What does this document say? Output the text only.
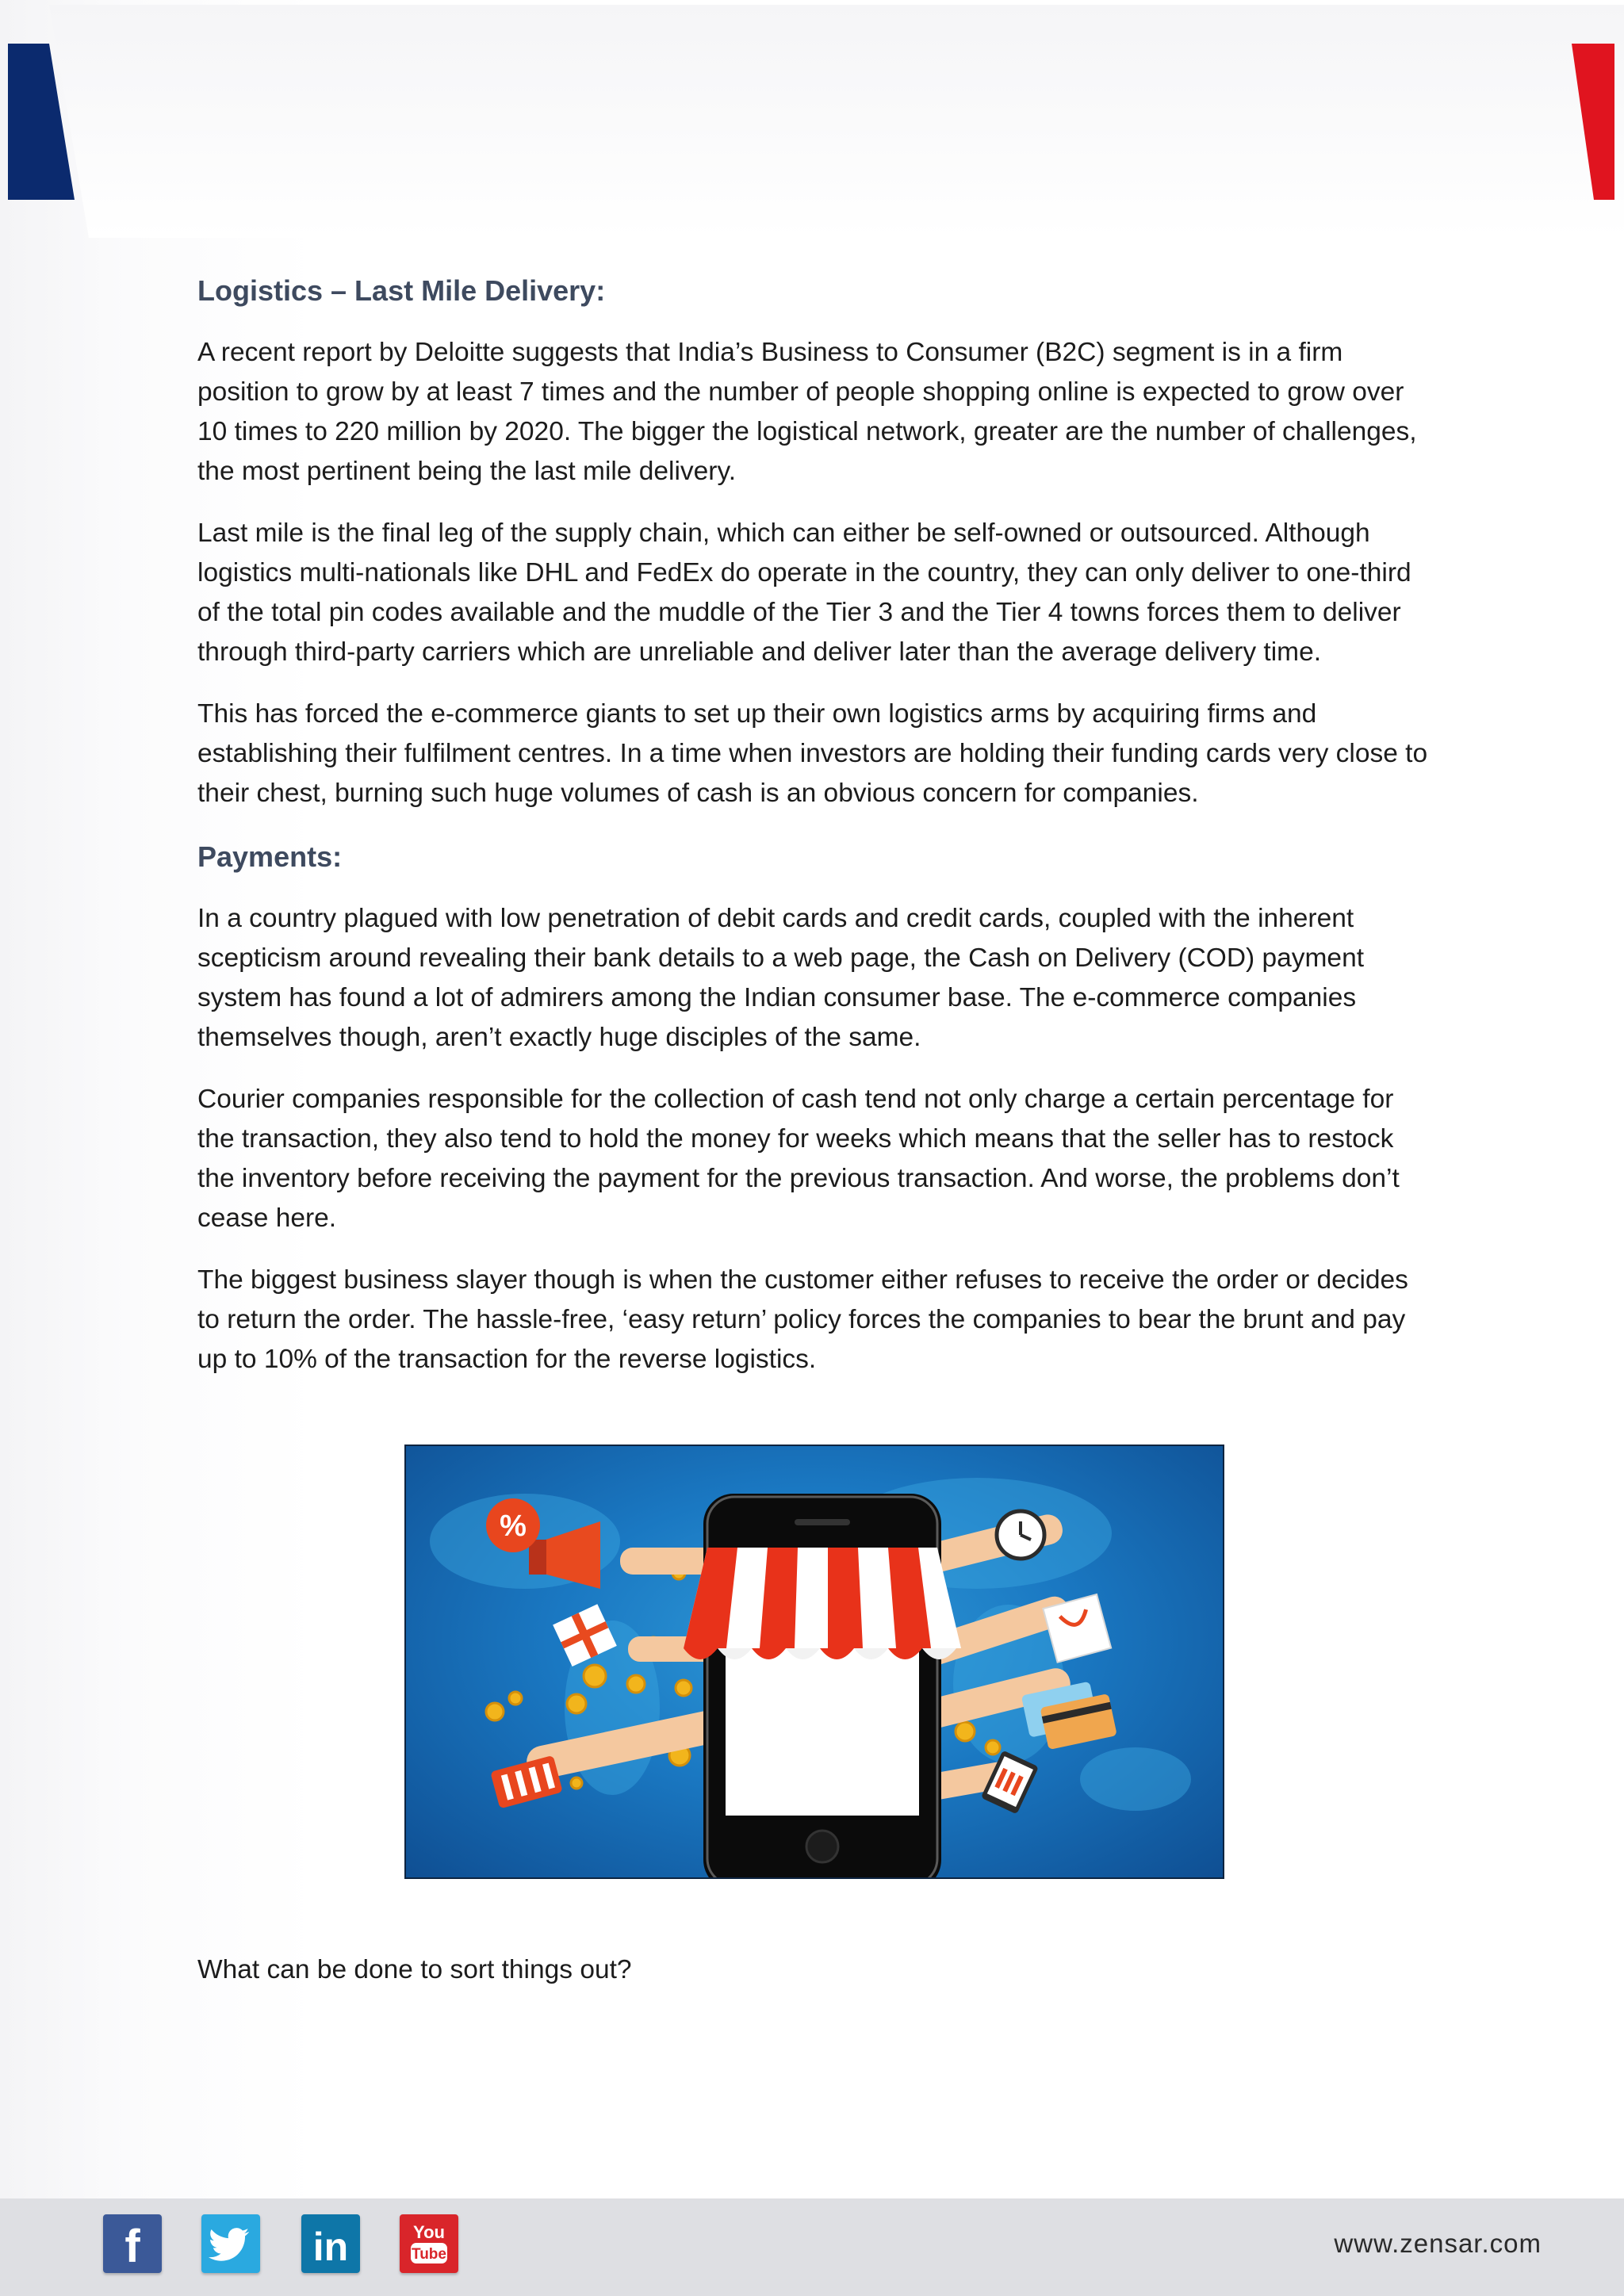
Logistics – Last Mile Delivery:

A recent report by Deloitte suggests that India’s Business to Consumer (B2C) segment is in a firm position to grow by at least 7 times and the number of people shopping online is expected to grow over 10 times to 220 million by 2020. The bigger the logistical network, greater are the number of challenges, the most pertinent being the last mile delivery.

Last mile is the final leg of the supply chain, which can either be self-owned or outsourced. Although logistics multi-nationals like DHL and FedEx do operate in the country, they can only deliver to one-third of the total pin codes available and the muddle of the Tier 3 and the Tier 4 towns forces them to deliver through third-party carriers which are unreliable and deliver later than the average delivery time.

This has forced the e-commerce giants to set up their own logistics arms by acquiring firms and establishing their fulfilment centres. In a time when investors are holding their funding cards very close to their chest, burning such huge volumes of cash is an obvious concern for companies.

Payments:

In a country plagued with low penetration of debit cards and credit cards, coupled with the inherent scepticism around revealing their bank details to a web page, the Cash on Delivery (COD) payment system has found a lot of admirers among the Indian consumer base. The e-commerce companies themselves though, aren’t exactly huge disciples of the same.

Courier companies responsible for the collection of cash tend not only charge a certain percentage for the transaction, they also tend to hold the money for weeks which means that the seller has to restock the inventory before receiving the payment for the previous transaction. And worse, the problems don’t cease here.

The biggest business slayer though is when the customer either refuses to receive the order or decides to return the order. The hassle-free, ‘easy return’ policy forces the companies to bear the brunt and pay up to 10% of the transaction for the reverse logistics.

%
What can be done to sort things out?
f	in	You
Tube	www.zensar.com
